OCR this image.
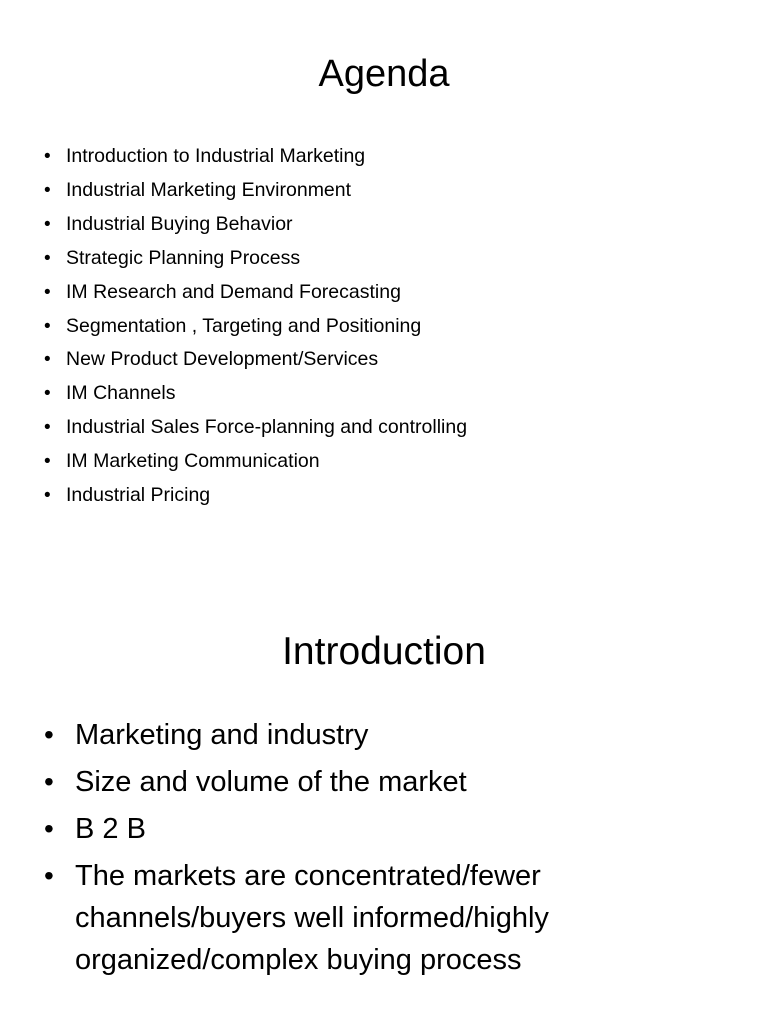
Agenda
• Introduction to Industrial Marketing
• Industrial Marketing Environment
• Industrial Buying Behavior
• Strategic Planning Process
• IM Research and Demand Forecasting
• Segmentation , Targeting and Positioning
• New Product Development/Services
• IM Channels
• Industrial Sales Force-planning and controlling
• IM Marketing Communication
• Industrial Pricing
Introduction
• Marketing and industry
• Size and volume of the market
• B 2 B
• The markets are concentrated/fewer channels/buyers well informed/highly organized/complex buying process
